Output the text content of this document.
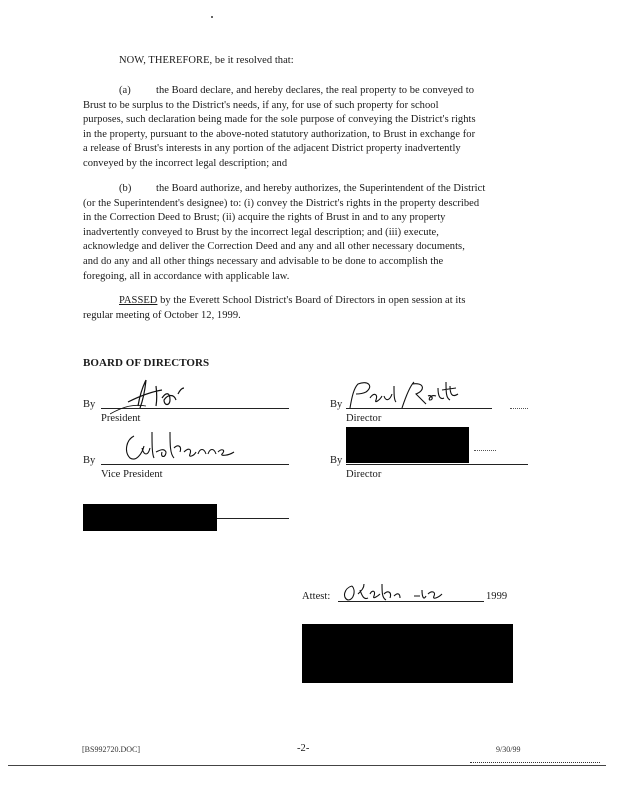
NOW, THEREFORE, be it resolved that:
(a) the Board declare, and hereby declares, the real property to be conveyed to
Brust to be surplus to the District's needs, if any, for use of such property for school
purposes, such declaration being made for the sole purpose of conveying the District's rights
in the property, pursuant to the above-noted statutory authorization, to Brust in exchange for
a release of Brust's interests in any portion of the adjacent District property inadvertently
conveyed by the incorrect legal description; and
(b) the Board authorize, and hereby authorizes, the Superintendent of the District
(or the Superintendent's designee) to: (i) convey the District's rights in the property described
in the Correction Deed to Brust; (ii) acquire the rights of Brust in and to any property
inadvertently conveyed to Brust by the incorrect legal description; and (iii) execute,
acknowledge and deliver the Correction Deed and any and all other necessary documents,
and do any and all other things necessary and advisable to be done to accomplish the
foregoing, all in accordance with applicable law.
PASSED by the Everett School District's Board of Directors in open session at its
regular meeting of October 12, 1999.
BOARD OF DIRECTORS
By
President
By
Director
By
Vice President
By
Director
Attest:	1999
[BS992720.DOC]	-2-	9/30/99
